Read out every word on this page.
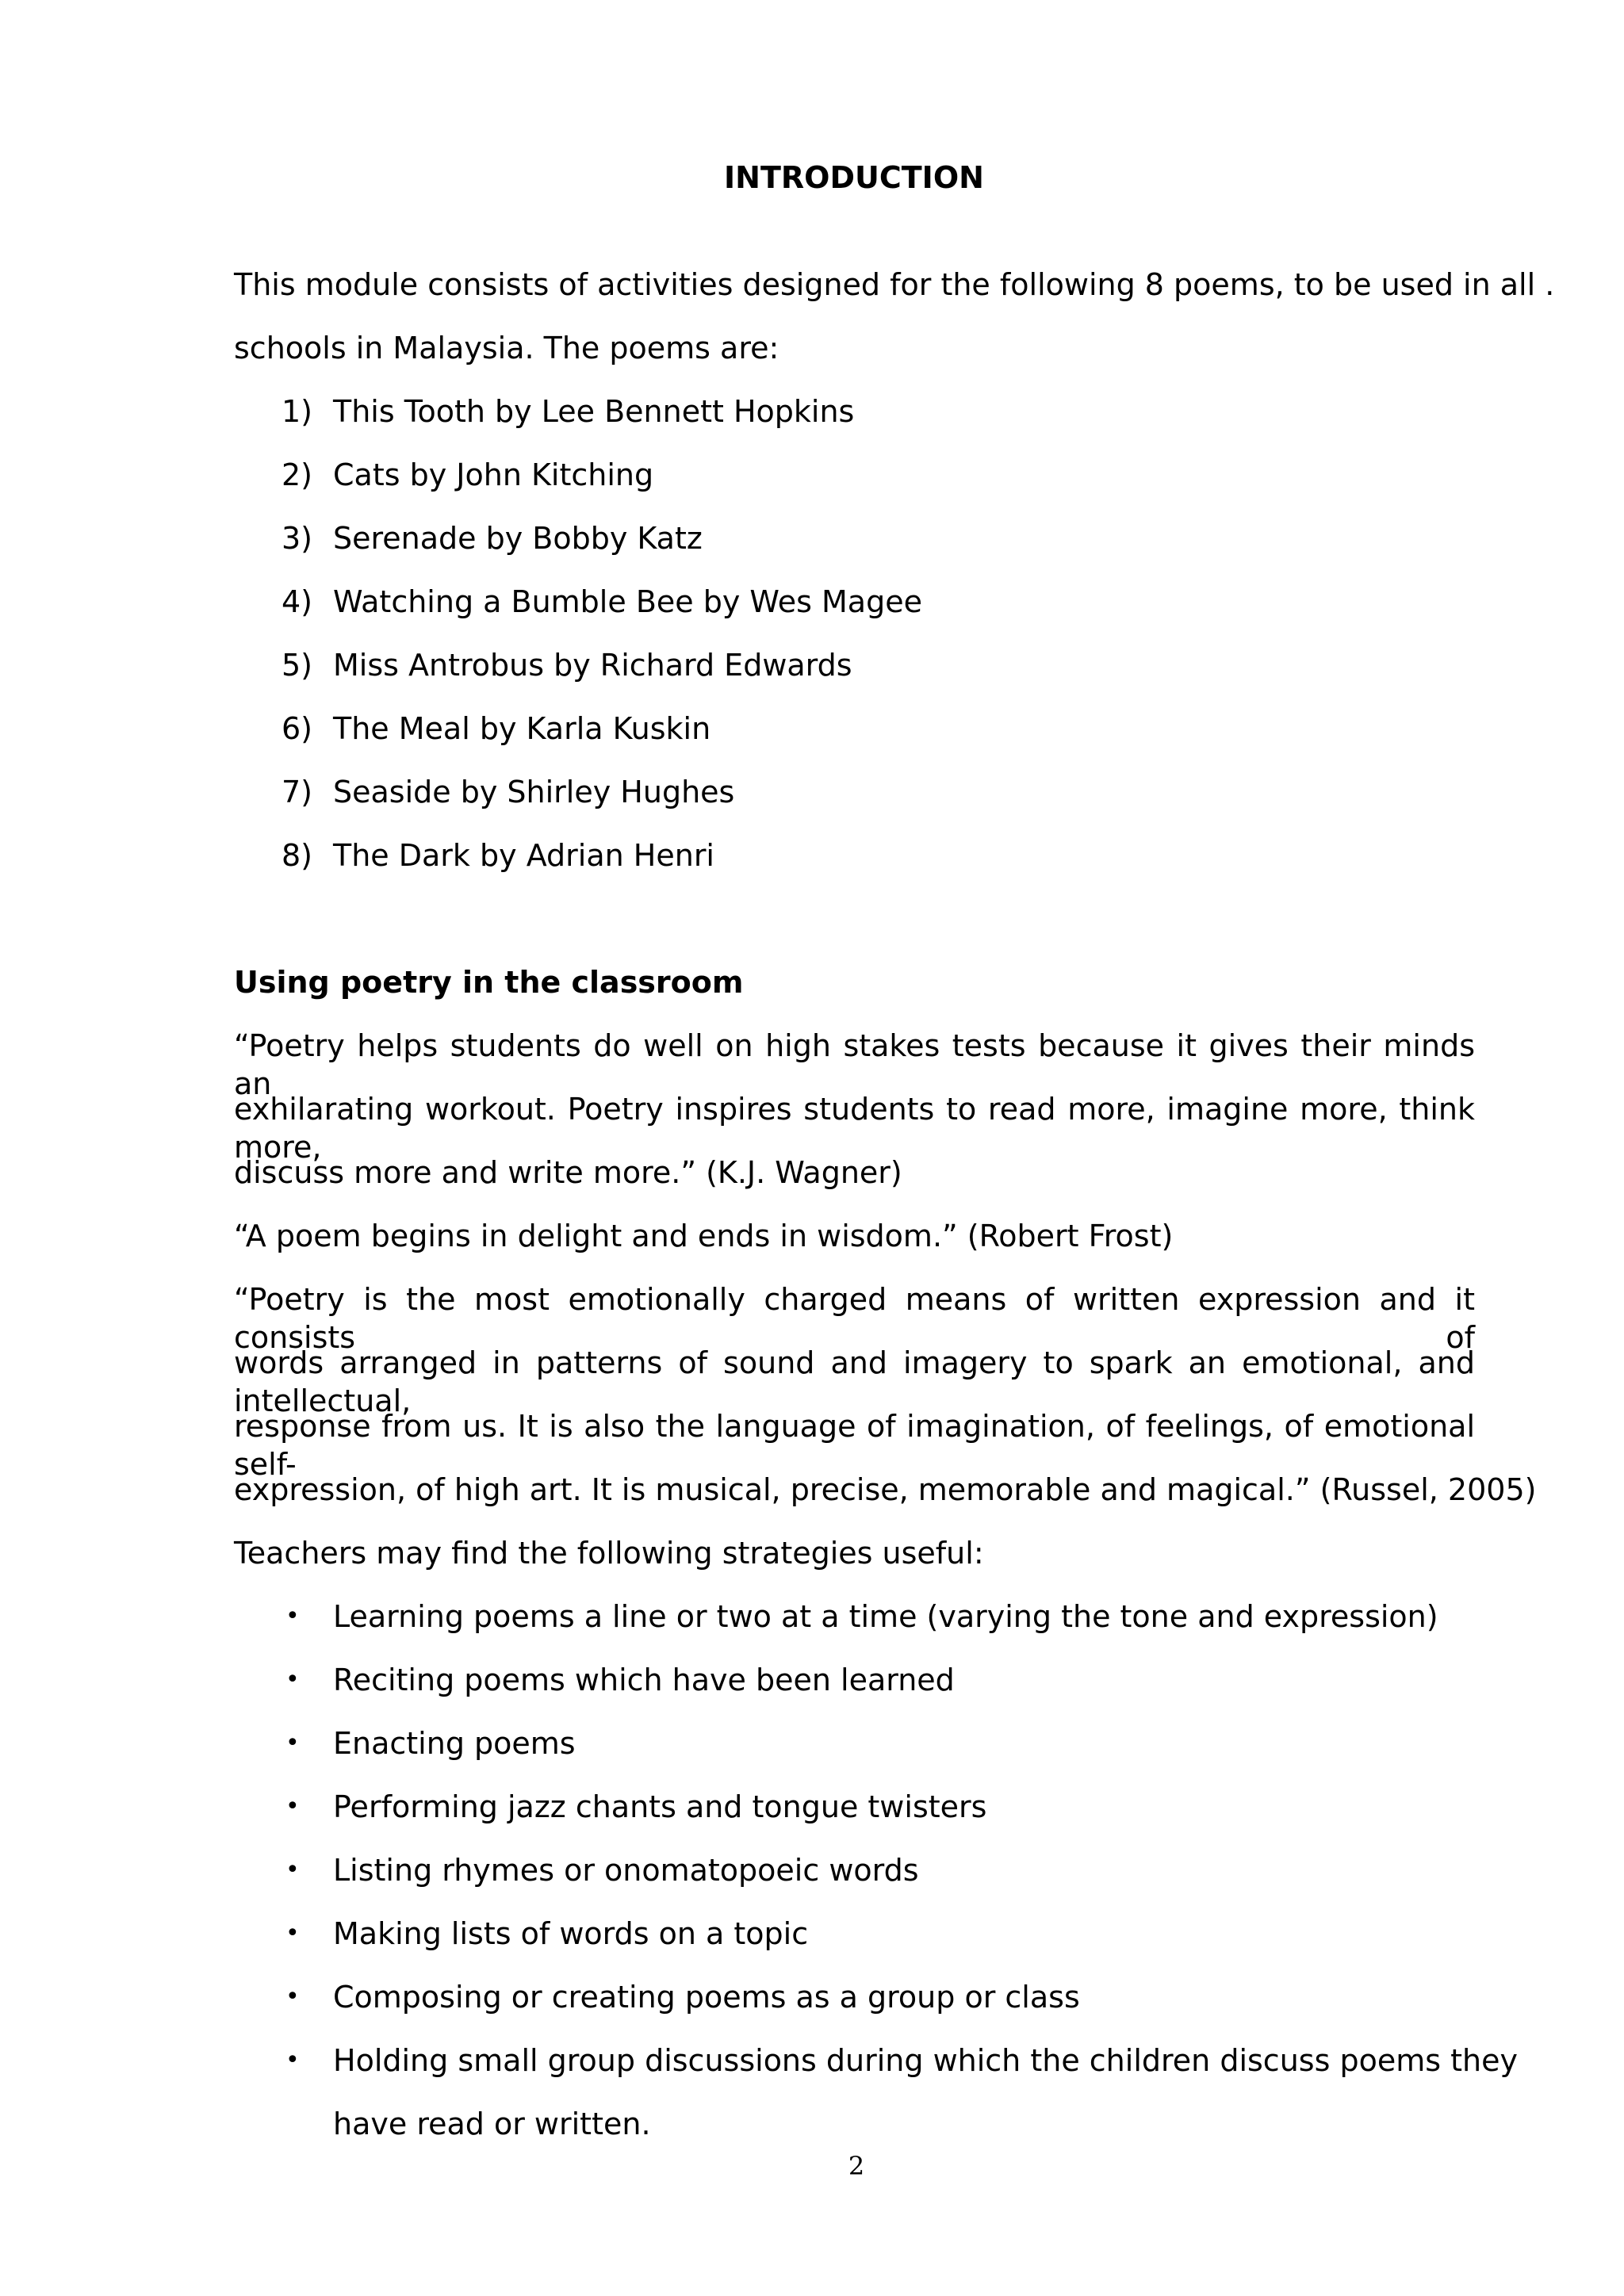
INTRODUCTION
This module consists of activities designed for the following 8 poems, to be used in all .
schools in Malaysia. The poems are:
1) This Tooth by Lee Bennett Hopkins
2) Cats by John Kitching
3) Serenade by Bobby Katz
4) Watching a Bumble Bee by Wes Magee
5) Miss Antrobus by Richard Edwards
6) The Meal by Karla Kuskin
7) Seaside by Shirley Hughes
8) The Dark by Adrian Henri
Using poetry in the classroom
“Poetry helps students do well on high stakes tests because it gives their minds an
exhilarating workout. Poetry inspires students to read more, imagine more, think more,
discuss more and write more.” (K.J. Wagner)
“A poem begins in delight and ends in wisdom.” (Robert Frost)
“Poetry is the most emotionally charged means of written expression and it consists of
words arranged in patterns of sound and imagery to spark an emotional, and intellectual,
response from us. It is also the language of imagination, of feelings, of emotional self-
expression, of high art. It is musical, precise, memorable and magical.” (Russel, 2005)
Teachers may find the following strategies useful:
• Learning poems a line or two at a time (varying the tone and expression)
• Reciting poems which have been learned
• Enacting poems
• Performing jazz chants and tongue twisters
• Listing rhymes or onomatopoeic words
• Making lists of words on a topic
• Composing or creating poems as a group or class
• Holding small group discussions during which the children discuss poems they
have read or written.
2
